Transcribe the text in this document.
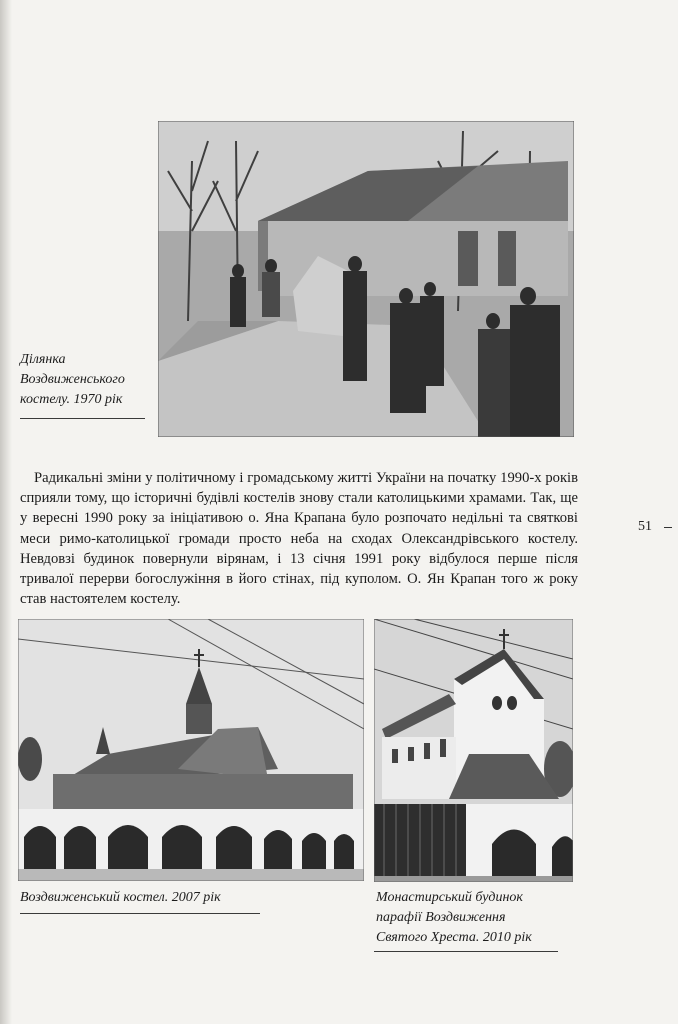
Ділянка
Воздвиженського
костелу. 1970 рік
Радикальні зміни у політичному і громадському житті України на початку 1990-х років сприяли тому, що історичні будівлі костелів знову стали католицькими храмами. Так, ще у вересні 1990 року за ініціативою о. Яна Крапана було розпочато недільні та святкові меси римо-католицької громади просто неба на сходах Олександрівського костелу. Невдовзі будинок повернули вірянам, і 13 січня 1991 року відбулося перше після тривалої перерви богослужіння в його стінах, під куполом. О. Ян Крапан того ж року став настоятелем костелу.
51
Воздвиженський костел. 2007 рік	Монастирський будинок
парафії Воздвиження
Святого Хреста. 2010 рік
